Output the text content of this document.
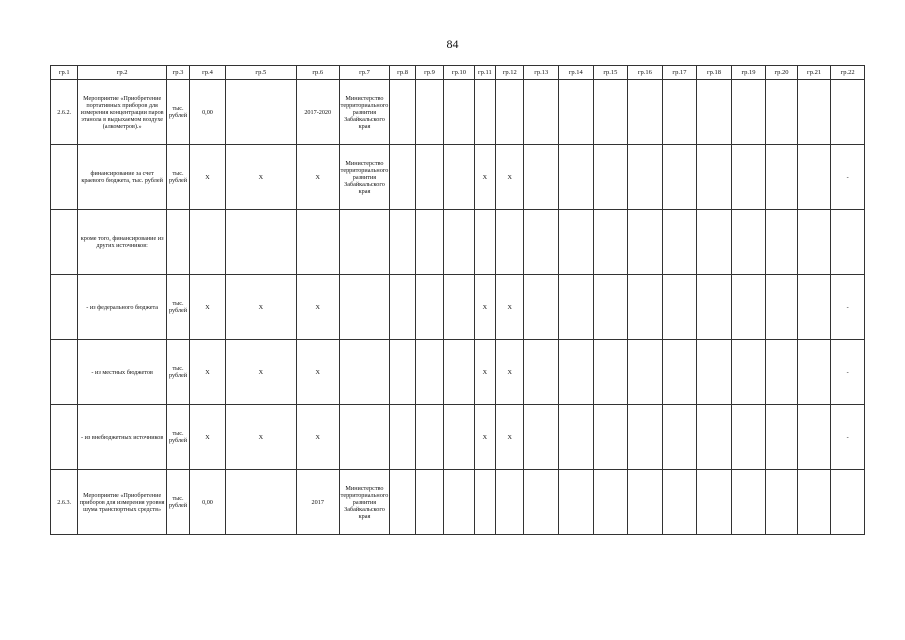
84
гр.1	гр.2	гр.3	гр.4	гр.5	гр.6	гр.7	гр.8	гр.9	гр.10	гр.11	гр.12	гр.13	гр.14	гр.15	гр.16	гр.17	гр.18	гр.19	гр.20	гр.21	гр.22
2.6.2.	Мероприятие «Приобретение портативных приборов для измерения концентрации паров этанола в выдыхаемом воздухе (алкометров).»	тыс. рублей	0,00		2017-2020	Министерство территориального развития Забайкальского края															
	финансирование за счет краевого бюджета, тыс. рублей	тыс. рублей	X	X	X	Министерство территориального развития Забайкальского края				X	X										-
	кроме того, финансирование из других источников:																				
	- из федерального бюджета	тыс. рублей	X	X	X					X	X										-
	- из местных бюджетов	тыс. рублей	X	X	X					X	X										-
	- из внебюджетных источников	тыс. рублей	X	X	X					X	X										-
2.6.3.	Мероприятие «Приобретение приборов для измерения уровня шума транспортных средств»	тыс. рублей	0,00		2017	Министерство территориального развития Забайкальского края															
